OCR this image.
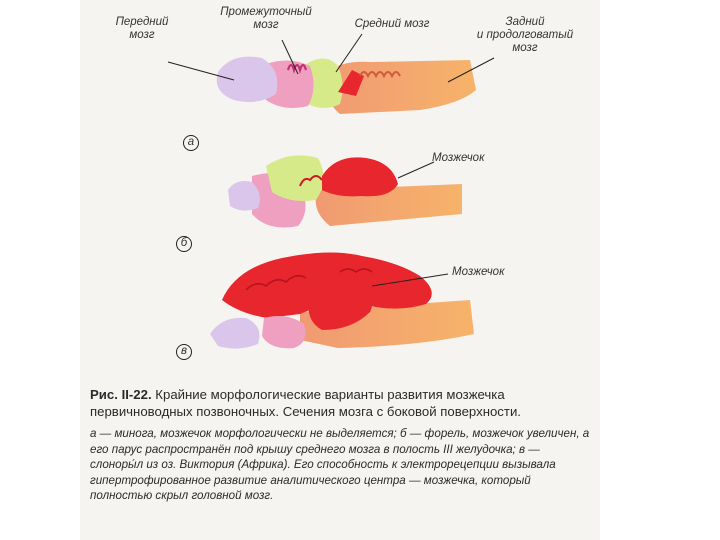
Передний
мозг
Промежуточный
мозг	Средний мозг	Задний
и продолговатый
мозг
Мозжечок
Мозжечок
а
б
в
Рис. II-22. Крайние морфологические варианты развития мозжечка первичноводных позвоночных. Сечения мозга с боковой поверхности.
а — минога, мозжечок морфологически не выделяется; б — форель, мозжечок увеличен, а его парус распространён под крышу среднего мозга в полость III желудочка; в — слоноры́л из оз. Виктория (Африка). Его способность к электрорецепции вызывала гипертрофированное развитие аналитического центра — мозжечка, который полностью скрыл головной мозг.
